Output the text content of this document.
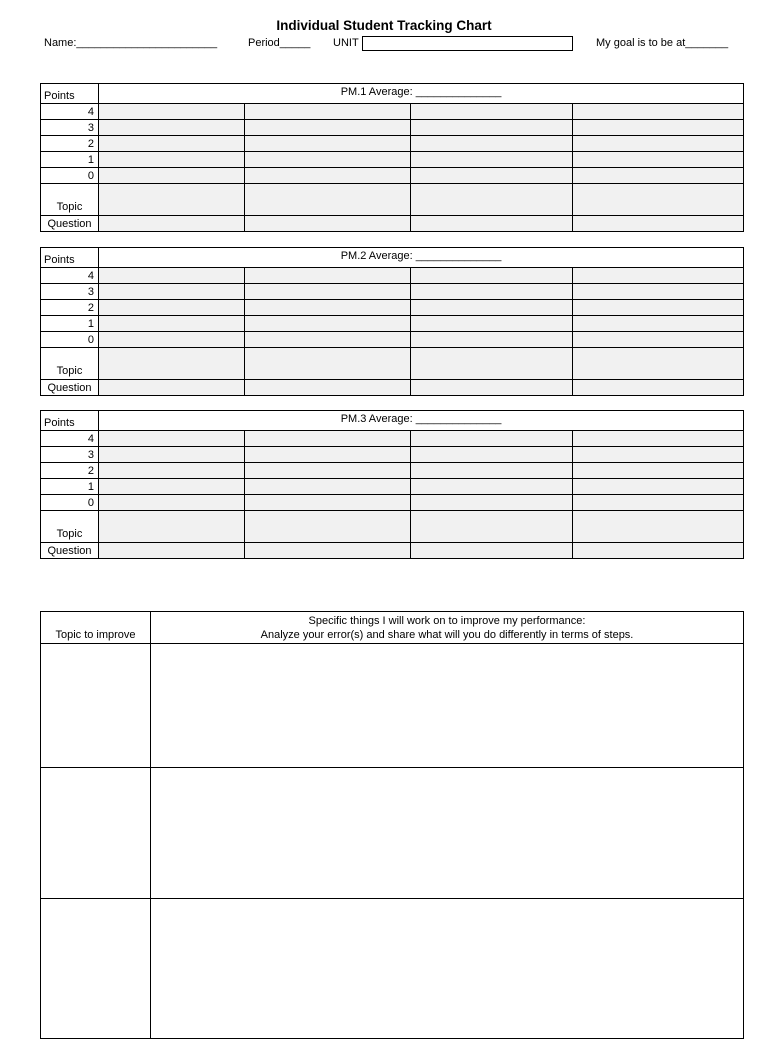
Individual Student Tracking Chart
Name:_______________________	Period_____ UNIT	My goal is to be at_______
Points	PM.1 Average: ______________			
4				
3				
2				
1				
0				
Topic				
Question				
Points	PM.2 Average: ______________			
4				
3				
2				
1				
0				
Topic				
Question				
Points	PM.3 Average: ______________			
4				
3				
2				
1				
0				
Topic				
Question				
Topic to improve	Specific things I will work on to improve my performance:
Analyze your error(s) and share what will you do differently in terms of steps.
